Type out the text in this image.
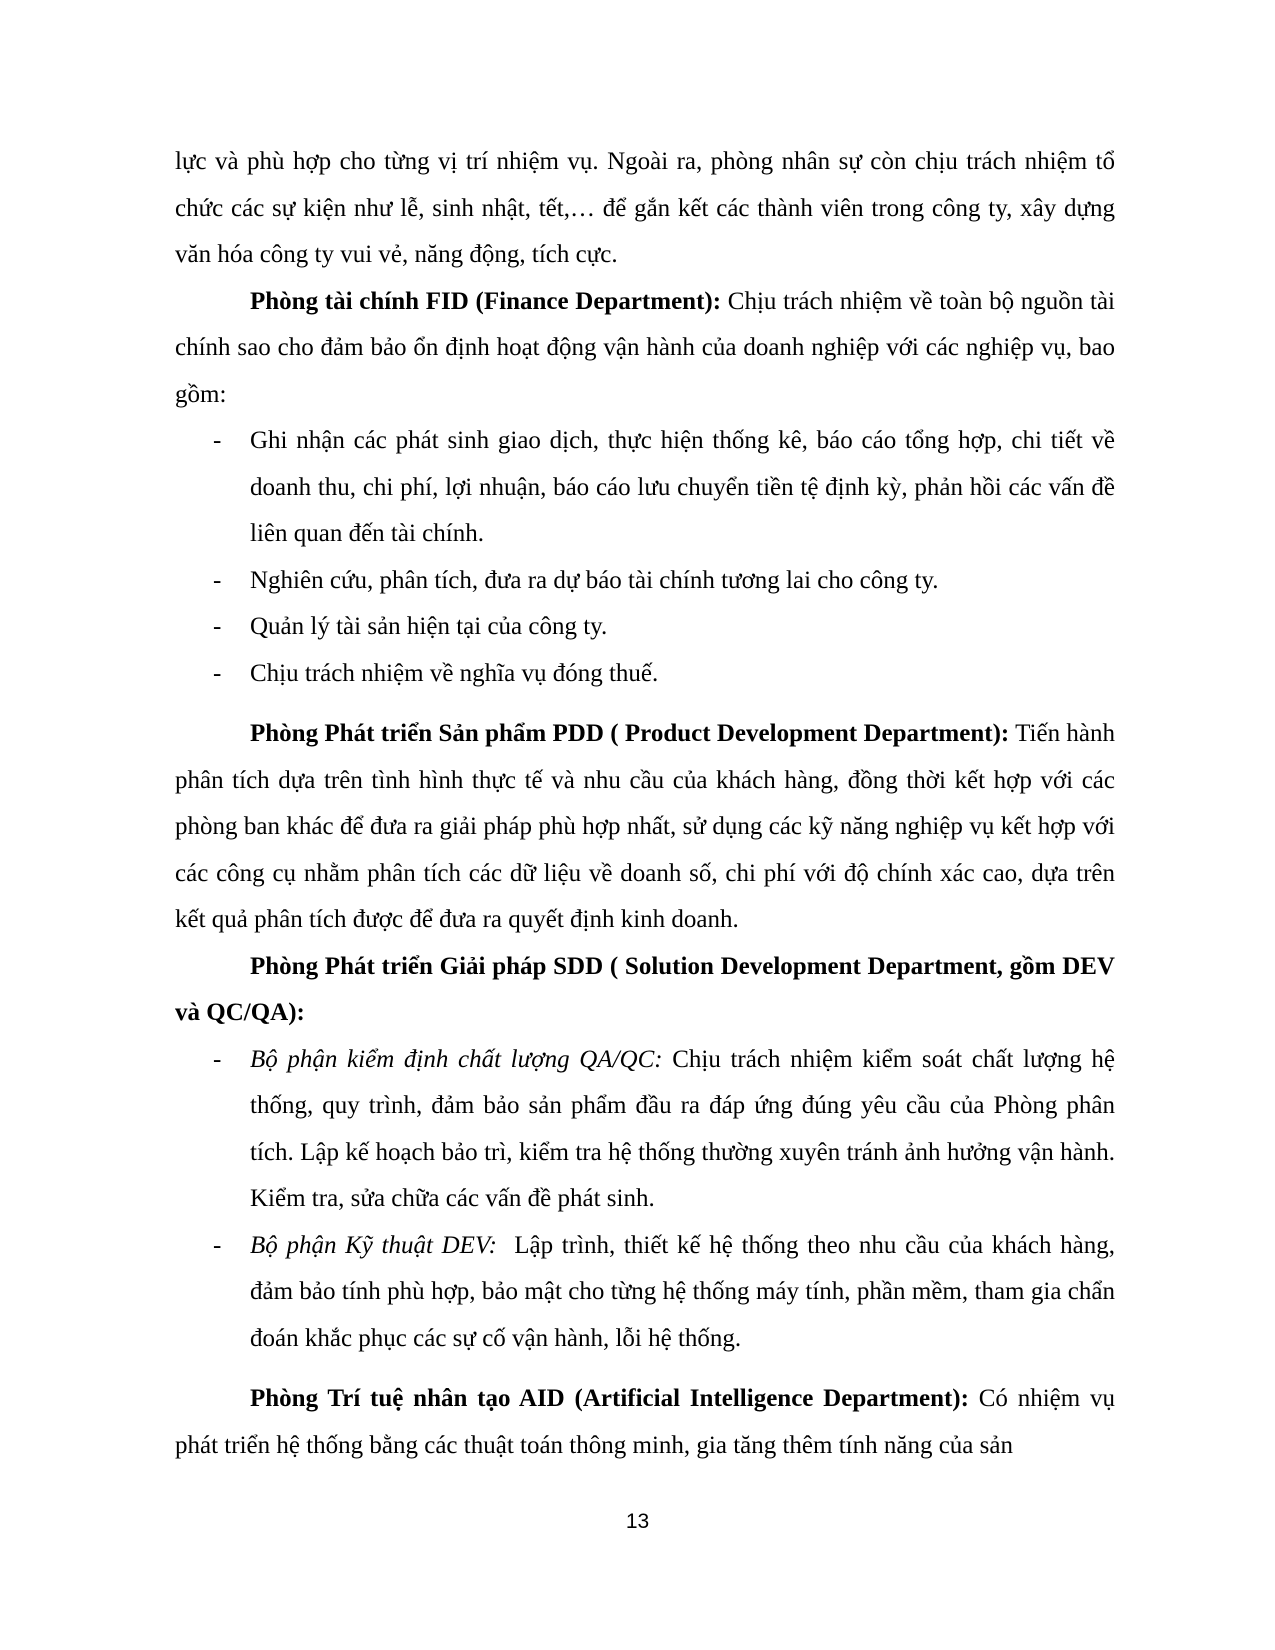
lực và phù hợp cho từng vị trí nhiệm vụ. Ngoài ra, phòng nhân sự còn chịu trách nhiệm tổ chức các sự kiện như lễ, sinh nhật, tết,… để gắn kết các thành viên trong công ty, xây dựng văn hóa công ty vui vẻ, năng động, tích cực.

Phòng tài chính FID (Finance Department): Chịu trách nhiệm về toàn bộ nguồn tài chính sao cho đảm bảo ổn định hoạt động vận hành của doanh nghiệp với các nghiệp vụ, bao gồm:

- Ghi nhận các phát sinh giao dịch, thực hiện thống kê, báo cáo tổng hợp, chi tiết về doanh thu, chi phí, lợi nhuận, báo cáo lưu chuyển tiền tệ định kỳ, phản hồi các vấn đề liên quan đến tài chính.
- Nghiên cứu, phân tích, đưa ra dự báo tài chính tương lai cho công ty.
- Quản lý tài sản hiện tại của công ty.
- Chịu trách nhiệm về nghĩa vụ đóng thuế.

Phòng Phát triển Sản phẩm PDD ( Product Development Department): Tiến hành phân tích dựa trên tình hình thực tế và nhu cầu của khách hàng, đồng thời kết hợp với các phòng ban khác để đưa ra giải pháp phù hợp nhất, sử dụng các kỹ năng nghiệp vụ kết hợp với các công cụ nhằm phân tích các dữ liệu về doanh số, chi phí với độ chính xác cao, dựa trên kết quả phân tích được để đưa ra quyết định kinh doanh.

Phòng Phát triển Giải pháp SDD ( Solution Development Department, gồm DEV và QC/QA):

- Bộ phận kiểm định chất lượng QA/QC: Chịu trách nhiệm kiểm soát chất lượng hệ thống, quy trình, đảm bảo sản phẩm đầu ra đáp ứng đúng yêu cầu của Phòng phân tích. Lập kế hoạch bảo trì, kiểm tra hệ thống thường xuyên tránh ảnh hưởng vận hành. Kiểm tra, sửa chữa các vấn đề phát sinh.
- Bộ phận Kỹ thuật DEV:  Lập trình, thiết kế hệ thống theo nhu cầu của khách hàng, đảm bảo tính phù hợp, bảo mật cho từng hệ thống máy tính, phần mềm, tham gia chẩn đoán khắc phục các sự cố vận hành, lỗi hệ thống.

Phòng Trí tuệ nhân tạo AID (Artificial Intelligence Department): Có nhiệm vụ phát triển hệ thống bằng các thuật toán thông minh, gia tăng thêm tính năng của sản

13
